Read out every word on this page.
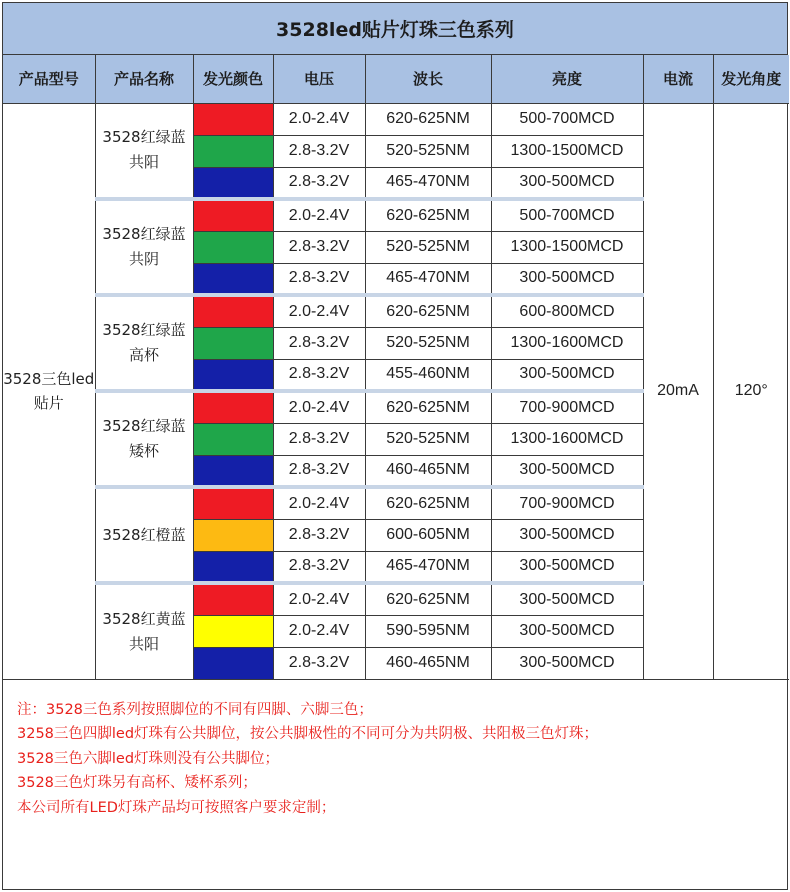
3528led贴片灯珠三色系列
产品型号	产品名称	发光颜色	电压	波长	亮度	电流	发光角度
3528三色led贴片	3528红绿蓝共阳		2.0-2.4V	620-625NM	500-700MCD	20mA	120°

			2.8-3.2V	520-525NM	1300-1500MCD		

			2.8-3.2V	465-470NM	300-500MCD		
	3528红绿蓝共阴		2.0-2.4V	620-625NM	500-700MCD		

			2.8-3.2V	520-525NM	1300-1500MCD		

			2.8-3.2V	465-470NM	300-500MCD		
	3528红绿蓝高杯		2.0-2.4V	620-625NM	600-800MCD		

			2.8-3.2V	520-525NM	1300-1600MCD		

			2.8-3.2V	455-460NM	300-500MCD		
	3528红绿蓝矮杯		2.0-2.4V	620-625NM	700-900MCD		

			2.8-3.2V	520-525NM	1300-1600MCD		

			2.8-3.2V	460-465NM	300-500MCD		
	3528红橙蓝		2.0-2.4V	620-625NM	700-900MCD		

			2.8-3.2V	600-605NM	300-500MCD		

			2.8-3.2V	465-470NM	300-500MCD		
	3528红黄蓝共阳		2.0-2.4V	620-625NM	300-500MCD		

			2.0-2.4V	590-595NM	300-500MCD		

			2.8-3.2V	460-465NM	300-500MCD		

注：3528三色系列按照脚位的不同有四脚、六脚三色；

3258三色四脚led灯珠有公共脚位，按公共脚极性的不同可分为共阴极、共阳极三色灯珠；

3528三色六脚led灯珠则没有公共脚位；

3528三色灯珠另有高杯、矮杯系列；

本公司所有LED灯珠产品均可按照客户要求定制；
